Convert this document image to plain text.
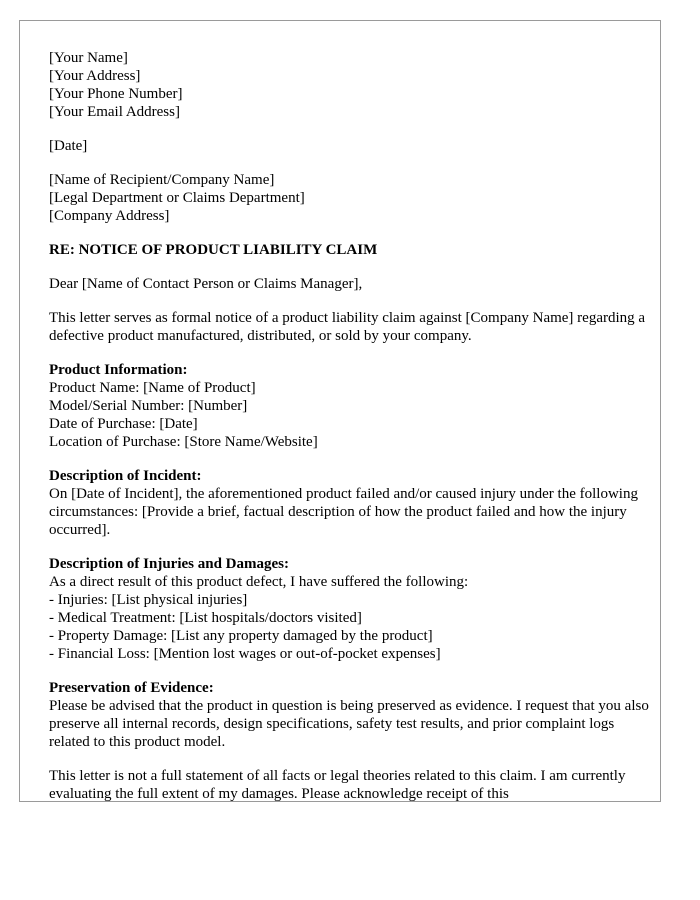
[Your Name]
[Your Address]
[Your Phone Number]
[Your Email Address]
[Date]
[Name of Recipient/Company Name]
[Legal Department or Claims Department]
[Company Address]
RE: NOTICE OF PRODUCT LIABILITY CLAIM
Dear [Name of Contact Person or Claims Manager],
This letter serves as formal notice of a product liability claim against [Company Name] regarding a defective product manufactured, distributed, or sold by your company.
Product Information:
Product Name: [Name of Product]
Model/Serial Number: [Number]
Date of Purchase: [Date]
Location of Purchase: [Store Name/Website]
Description of Incident:
On [Date of Incident], the aforementioned product failed and/or caused injury under the following circumstances: [Provide a brief, factual description of how the product failed and how the injury occurred].
Description of Injuries and Damages:
As a direct result of this product defect, I have suffered the following:
- Injuries: [List physical injuries]
- Medical Treatment: [List hospitals/doctors visited]
- Property Damage: [List any property damaged by the product]
- Financial Loss: [Mention lost wages or out-of-pocket expenses]
Preservation of Evidence:
Please be advised that the product in question is being preserved as evidence. I request that you also preserve all internal records, design specifications, safety test results, and prior complaint logs related to this product model.
This letter is not a full statement of all facts or legal theories related to this claim. I am currently evaluating the full extent of my damages. Please acknowledge receipt of this
